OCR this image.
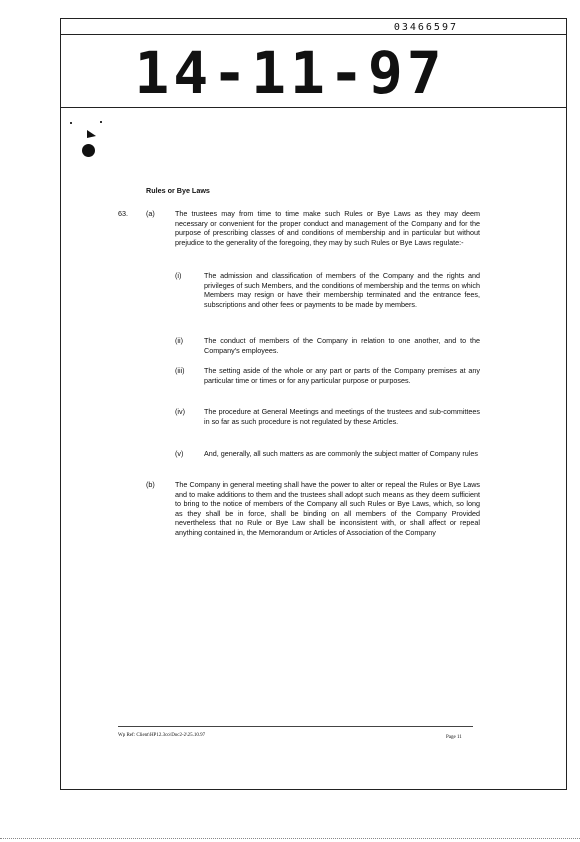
03466597
14-11-97
Rules or Bye Laws
63.	(a)	The trustees may from time to time make such Rules or Bye Laws as they may deem necessary or convenient for the proper conduct and management of the Company and for the purpose of prescribing classes of and conditions of membership and in particular but without prejudice to the generality of the foregoing, they may by such Rules or Bye Laws regulate:-
(i)	The admission and classification of members of the Company and the rights and privileges of such Members, and the conditions of membership and the terms on which Members may resign or have their membership terminated and the entrance fees, subscriptions and other fees or payments to be made by members.
(ii)	The conduct of members of the Company in relation to one another, and to the Company's employees.
(iii)	The setting aside of the whole or any part or parts of the Company premises at any particular time or times or for any particular purpose or purposes.
(iv)	The procedure at General Meetings and meetings of the trustees and sub-committees in so far as such procedure is not regulated by these Articles.
(v)	And, generally, all such matters as are commonly the subject matter of Company rules
(b)	The Company in general meeting shall have the power to alter or repeal the Rules or Bye Laws and to make additions to them and the trustees shall adopt such means as they deem sufficient to bring to the notice of members of the Company all such Rules or Bye Laws, which, so long as they shall be in force, shall be binding on all members of the Company Provided nevertheless that no Rule or Bye Law shall be inconsistent with, or shall affect or repeal anything contained in, the Memorandum or Articles of Association of the Company
Wp Ref: Client\HP12.3co\Doc2-2\25.10.97	Page 11
